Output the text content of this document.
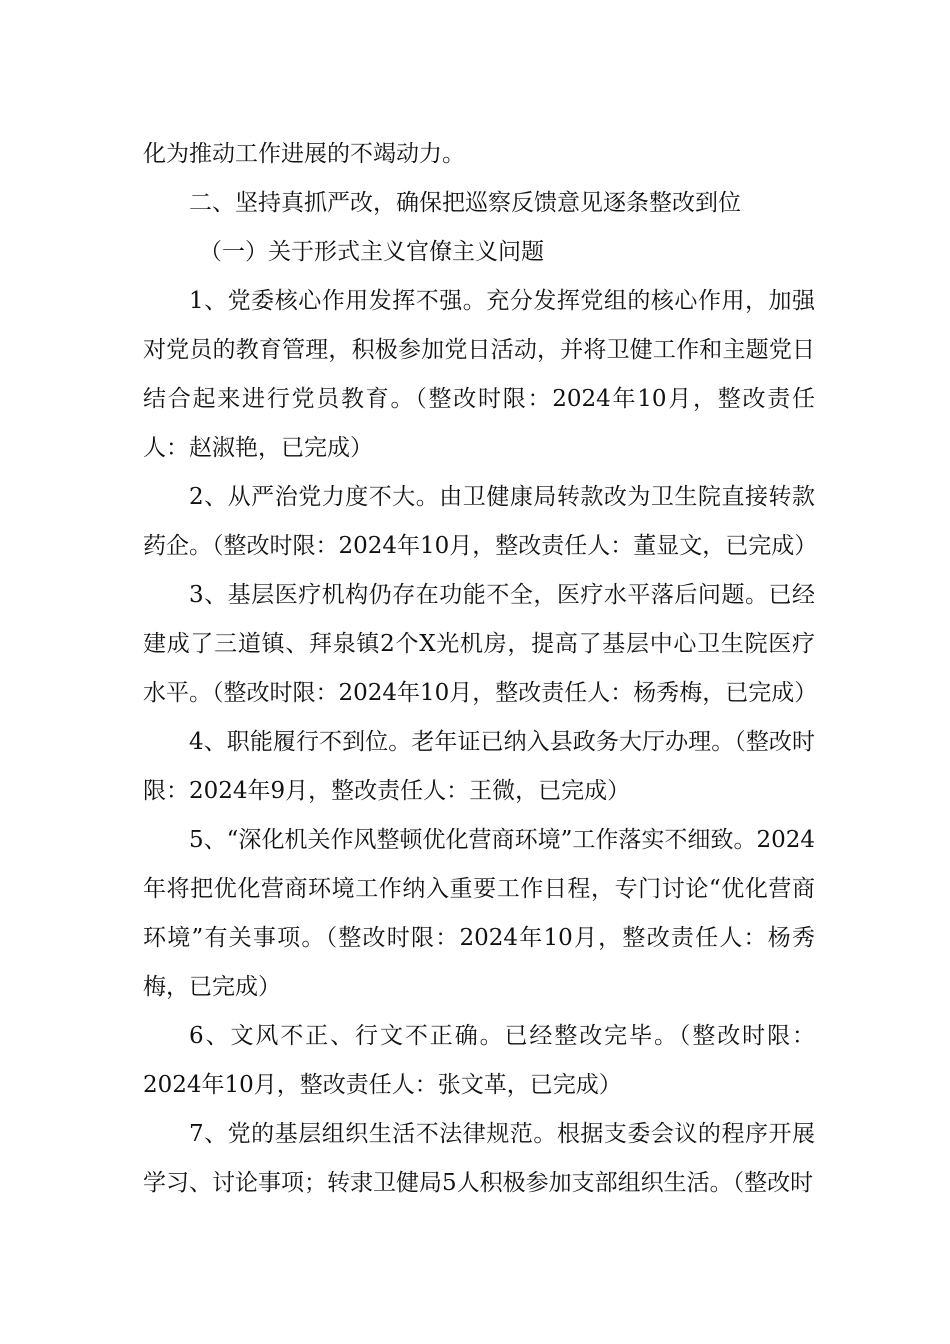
化为推动工作进展的不竭动力。

二、坚持真抓严改，确保把巡察反馈意见逐条整改到位

（一）关于形式主义官僚主义问题

1、党委核心作用发挥不强。充分发挥党组的核心作用，加强对党员的教育管理，积极参加党日活动，并将卫健工作和主题党日结合起来进行党员教育。（整改时限：2024年10月，整改责任人：赵淑艳，已完成）

2、从严治党力度不大。由卫健康局转款改为卫生院直接转款药企。（整改时限：2024年10月，整改责任人：董显文，已完成）

3、基层医疗机构仍存在功能不全，医疗水平落后问题。已经建成了三道镇、拜泉镇2个X光机房，提高了基层中心卫生院医疗水平。（整改时限：2024年10月，整改责任人：杨秀梅，已完成）

4、职能履行不到位。老年证已纳入县政务大厅办理。（整改时限：2024年9月，整改责任人：王微，已完成）

5、“深化机关作风整顿优化营商环境”工作落实不细致。2024年将把优化营商环境工作纳入重要工作日程，专门讨论“优化营商环境”有关事项。（整改时限：2024年10月，整改责任人：杨秀梅，已完成）

6、文风不正、行文不正确。已经整改完毕。（整改时限：2024年10月，整改责任人：张文革，已完成）

7、党的基层组织生活不法律规范。根据支委会议的程序开展学习、讨论事项；转隶卫健局5人积极参加支部组织生活。（整改时
